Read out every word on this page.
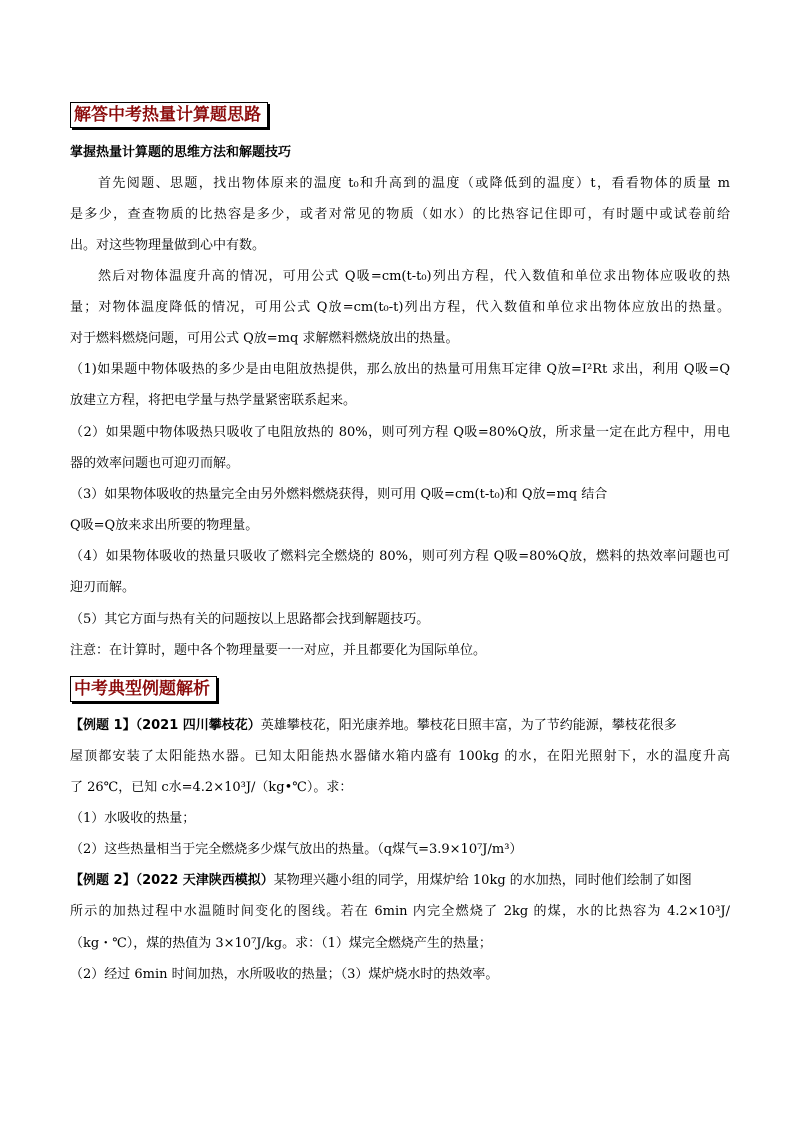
解答中考热量计算题思路
掌握热量计算题的思维方法和解题技巧
首先阅题、思题，找出物体原来的温度 t₀和升高到的温度（或降低到的温度）t，看看物体的质量 m
是多少，查查物质的比热容是多少，或者对常见的物质（如水）的比热容记住即可，有时题中或试卷前给
出。对这些物理量做到心中有数。
然后对物体温度升高的情况，可用公式 Q吸=cm(t-t₀)列出方程，代入数值和单位求出物体应吸收的热
量；对物体温度降低的情况，可用公式 Q放=cm(t₀-t)列出方程，代入数值和单位求出物体应放出的热量。
对于燃料燃烧问题，可用公式 Q放=mq 求解燃料燃烧放出的热量。
（1)如果题中物体吸热的多少是由电阻放热提供，那么放出的热量可用焦耳定律 Q放=I²Rt 求出，利用 Q吸=Q
放建立方程，将把电学量与热学量紧密联系起来。
（2）如果题中物体吸热只吸收了电阻放热的 80%，则可列方程 Q吸=80%Q放，所求量一定在此方程中，用电
器的效率问题也可迎刃而解。
（3）如果物体吸收的热量完全由另外燃料燃烧获得，则可用 Q吸=cm(t-t₀)和 Q放=mq 结合
Q吸=Q放来求出所要的物理量。
（4）如果物体吸收的热量只吸收了燃料完全燃烧的 80%，则可列方程 Q吸=80%Q放，燃料的热效率问题也可
迎刃而解。
（5）其它方面与热有关的问题按以上思路都会找到解题技巧。
注意：在计算时，题中各个物理量要一一对应，并且都要化为国际单位。
中考典型例题解析
【例题 1】（2021 四川攀枝花）英雄攀枝花，阳光康养地。攀枝花日照丰富，为了节约能源，攀枝花很多
屋顶都安装了太阳能热水器。已知太阳能热水器储水箱内盛有 100kg 的水，在阳光照射下，水的温度升高
了 26℃，已知 c水=4.2×10³J/（kg•℃）。求：
（1）水吸收的热量；
（2）这些热量相当于完全燃烧多少煤气放出的热量。（q煤气=3.9×10⁷J/m³）
【例题 2】（2022 天津陕西模拟）某物理兴趣小组的同学，用煤炉给 10kg 的水加热，同时他们绘制了如图
所示的加热过程中水温随时间变化的图线。若在 6min 内完全燃烧了 2kg 的煤，水的比热容为 4.2×10³J/
（kg・℃），煤的热值为 3×10⁷J/kg。求：（1）煤完全燃烧产生的热量；
（2）经过 6min 时间加热，水所吸收的热量；（3）煤炉烧水时的热效率。
